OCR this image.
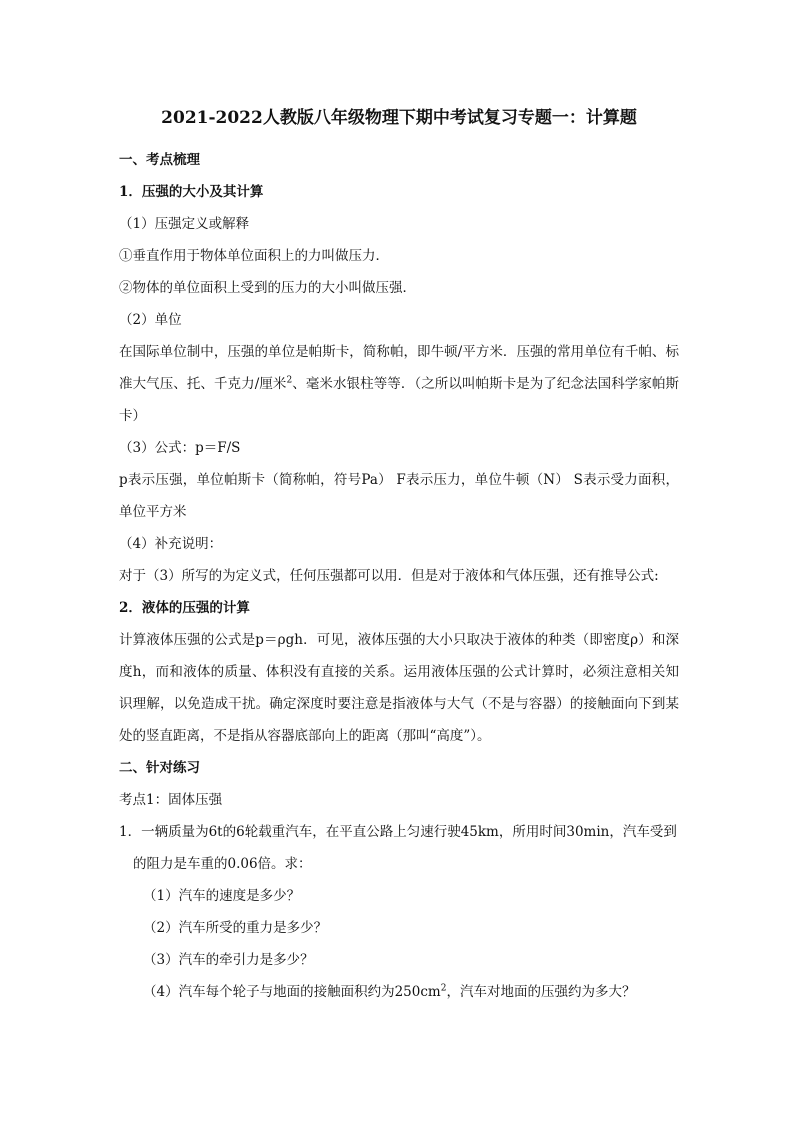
2021-2022人教版八年级物理下期中考试复习专题一：计算题

一、考点梳理

1．压强的大小及其计算

（1）压强定义或解释

①垂直作用于物体单位面积上的力叫做压力．

②物体的单位面积上受到的压力的大小叫做压强．

（2）单位

在国际单位制中，压强的单位是帕斯卡，简称帕，即牛顿/平方米．压强的常用单位有千帕、标准大气压、托、千克力/厘米$^2$、毫米水银柱等等．（之所以叫帕斯卡是为了纪念法国科学家帕斯卡）

（3）公式：p＝F/S

p表示压强，单位帕斯卡（简称帕，符号Pa） F表示压力，单位牛顿（N） S表示受力面积，单位平方米

（4）补充说明：

对于（3）所写的为定义式，任何压强都可以用．但是对于液体和气体压强，还有推导公式:

2．液体的压强的计算

计算液体压强的公式是p＝ρgh．可见，液体压强的大小只取决于液体的种类（即密度ρ）和深度h，而和液体的质量、体积没有直接的关系。运用液体压强的公式计算时，必须注意相关知识理解，以免造成干扰。确定深度时要注意是指液体与大气（不是与容器）的接触面向下到某处的竖直距离，不是指从容器底部向上的距离（那叫“高度”）。

二、针对练习

考点1：固体压强

1．一辆质量为6t的6轮载重汽车，在平直公路上匀速行驶45km，所用时间30min，汽车受到的阻力是车重的0.06倍。求：

（1）汽车的速度是多少？

（2）汽车所受的重力是多少？

（3）汽车的牵引力是多少？

（4）汽车每个轮子与地面的接触面积约为$250cm^2$，汽车对地面的压强约为多大？
